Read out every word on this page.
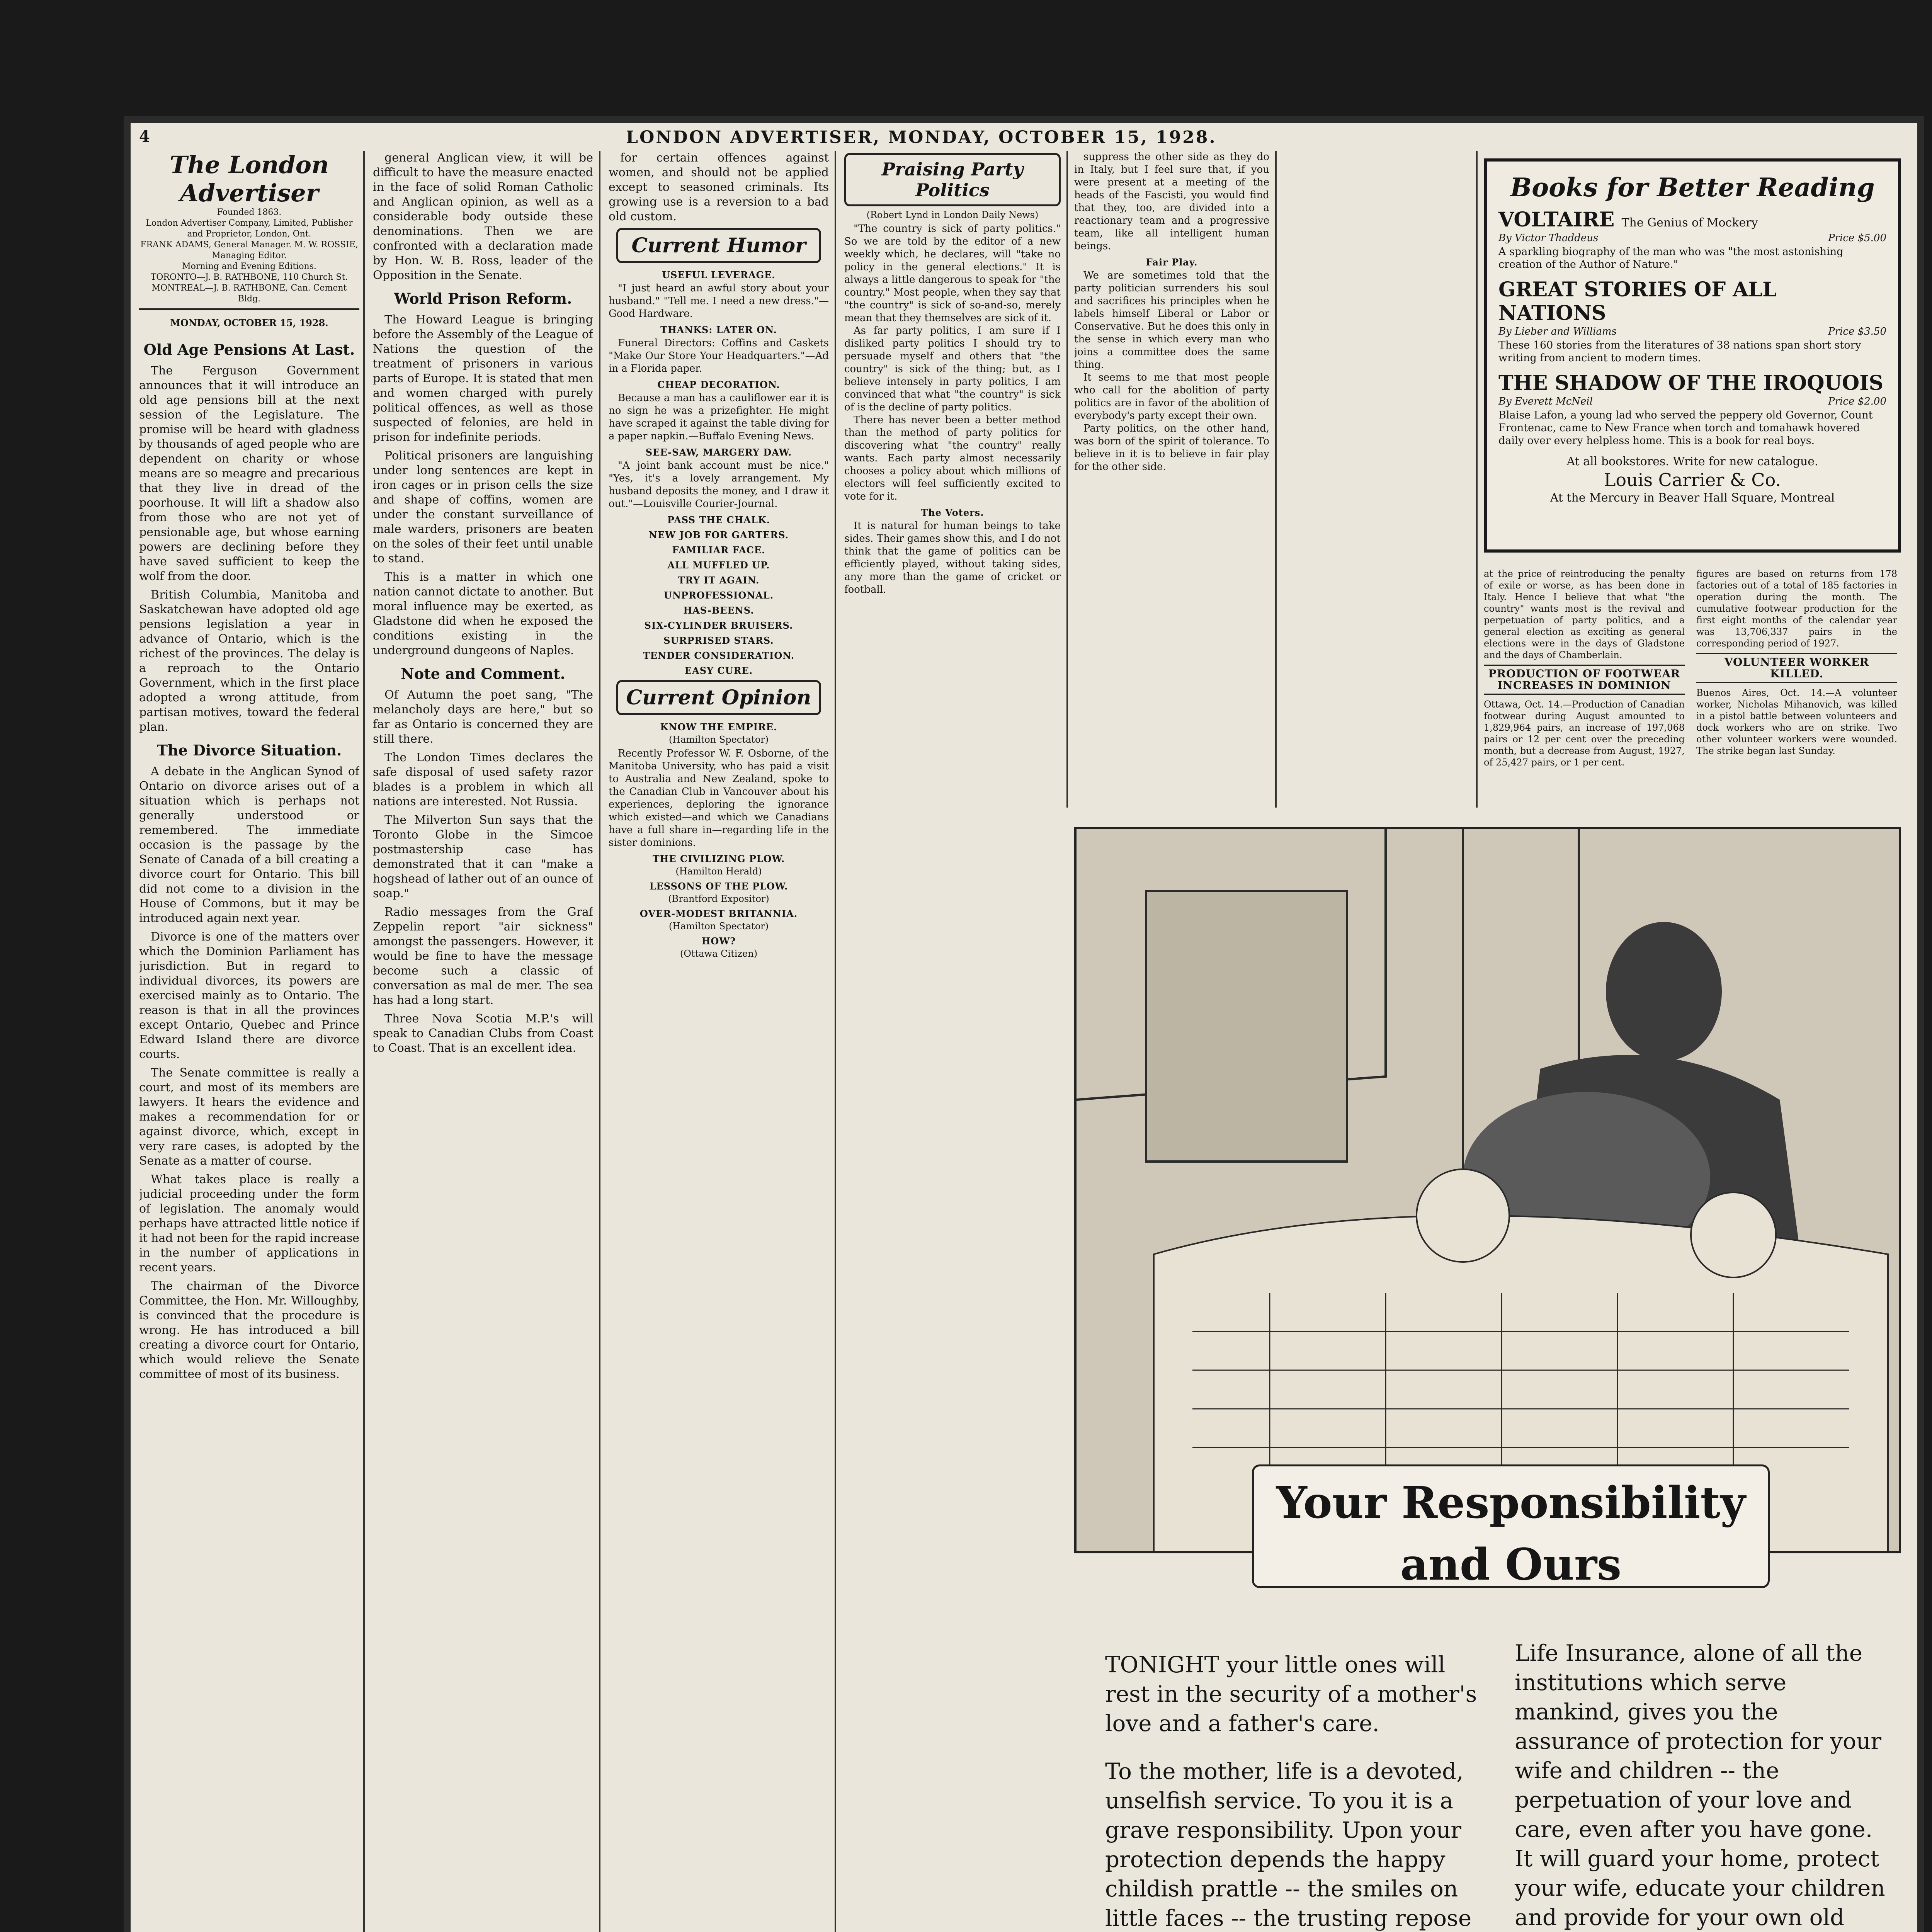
4	LONDON ADVERTISER, MONDAY, OCTOBER 15, 1928.
The London Advertiser
Founded 1863.
London Advertiser Company, Limited, Publisher and Proprietor, London, Ont.
FRANK ADAMS, General Manager. M. W. ROSSIE, Managing Editor.
Morning and Evening Editions.
TORONTO—J. B. RATHBONE, 110 Church St. MONTREAL—J. B. RATHBONE, Can. Cement Bldg.
MONDAY, OCTOBER 15, 1928.
Old Age Pensions At Last.

The Ferguson Government announces that it will introduce an old age pensions bill at the next session of the Legislature. The promise will be heard with gladness by thousands of aged people who are dependent on charity or whose means are so meagre and precarious that they live in dread of the poorhouse. It will lift a shadow also from those who are not yet of pensionable age, but whose earning powers are declining before they have saved sufficient to keep the wolf from the door.

British Columbia, Manitoba and Saskatchewan have adopted old age pensions legislation a year in advance of Ontario, which is the richest of the provinces. The delay is a reproach to the Ontario Government, which in the first place adopted a wrong attitude, from partisan motives, toward the federal plan.

The Divorce Situation.

A debate in the Anglican Synod of Ontario on divorce arises out of a situation which is perhaps not generally understood or remembered. The immediate occasion is the passage by the Senate of Canada of a bill creating a divorce court for Ontario. This bill did not come to a division in the House of Commons, but it may be introduced again next year.

Divorce is one of the matters over which the Dominion Parliament has jurisdiction. But in regard to individual divorces, its powers are exercised mainly as to Ontario. The reason is that in all the provinces except Ontario, Quebec and Prince Edward Island there are divorce courts.

The Senate committee is really a court, and most of its members are lawyers. It hears the evidence and makes a recommendation for or against divorce, which, except in very rare cases, is adopted by the Senate as a matter of course.

What takes place is really a judicial proceeding under the form of legislation. The anomaly would perhaps have attracted little notice if it had not been for the rapid increase in the number of applications in recent years.

The chairman of the Divorce Committee, the Hon. Mr. Willoughby, is convinced that the procedure is wrong. He has introduced a bill creating a divorce court for Ontario, which would relieve the Senate committee of most of its business.

general Anglican view, it will be difficult to have the measure enacted in the face of solid Roman Catholic and Anglican opinion, as well as a considerable body outside these denominations. Then we are confronted with a declaration made by Hon. W. B. Ross, leader of the Opposition in the Senate.

World Prison Reform.

The Howard League is bringing before the Assembly of the League of Nations the question of the treatment of prisoners in various parts of Europe. It is stated that men and women charged with purely political offences, as well as those suspected of felonies, are held in prison for indefinite periods.

Political prisoners are languishing under long sentences are kept in iron cages or in prison cells the size and shape of coffins, women are under the constant surveillance of male warders, prisoners are beaten on the soles of their feet until unable to stand.

This is a matter in which one nation cannot dictate to another. But moral influence may be exerted, as Gladstone did when he exposed the conditions existing in the underground dungeons of Naples.

Note and Comment.

Of Autumn the poet sang, "The melancholy days are here," but so far as Ontario is concerned they are still there.

The London Times declares the safe disposal of used safety razor blades is a problem in which all nations are interested. Not Russia.

The Milverton Sun says that the Toronto Globe in the Simcoe postmastership case has demonstrated that it can "make a hogshead of lather out of an ounce of soap."

Radio messages from the Graf Zeppelin report "air sickness" amongst the passengers. However, it would be fine to have the message become such a classic of conversation as mal de mer. The sea has had a long start.

Three Nova Scotia M.P.'s will speak to Canadian Clubs from Coast to Coast. That is an excellent idea.

for certain offences against women, and should not be applied except to seasoned criminals. Its growing use is a reversion to a bad old custom.

Current Humor
USEFUL LEVERAGE.
"I just heard an awful story about your husband." "Tell me. I need a new dress."—Good Hardware.
THANKS: LATER ON.
Funeral Directors: Coffins and Caskets "Make Our Store Your Headquarters."—Ad in a Florida paper.
CHEAP DECORATION.
Because a man has a cauliflower ear it is no sign he was a prizefighter. He might have scraped it against the table diving for a paper napkin.—Buffalo Evening News.
SEE-SAW, MARGERY DAW.
"A joint bank account must be nice." "Yes, it's a lovely arrangement. My husband deposits the money, and I draw it out."—Louisville Courier-Journal.
PASS THE CHALK.
NEW JOB FOR GARTERS.
FAMILIAR FACE.
ALL MUFFLED UP.
TRY IT AGAIN.
UNPROFESSIONAL.
HAS-BEENS.
SIX-CYLINDER BRUISERS.
SURPRISED STARS.
TENDER CONSIDERATION.
EASY CURE.
Current Opinion
KNOW THE EMPIRE.
(Hamilton Spectator)
Recently Professor W. F. Osborne, of the Manitoba University, who has paid a visit to Australia and New Zealand, spoke to the Canadian Club in Vancouver about his experiences, deploring the ignorance which existed—and which we Canadians have a full share in—regarding life in the sister dominions.
THE CIVILIZING PLOW.
(Hamilton Herald)
LESSONS OF THE PLOW.
(Brantford Expositor)
OVER-MODEST BRITANNIA.
(Hamilton Spectator)
HOW?
(Ottawa Citizen)
Praising Party Politics
(Robert Lynd in London Daily News)
"The country is sick of party politics." So we are told by the editor of a new weekly which, he declares, will "take no policy in the general elections." It is always a little dangerous to speak for "the country." Most people, when they say that "the country" is sick of so-and-so, merely mean that they themselves are sick of it.
As far party politics, I am sure if I disliked party politics I should try to persuade myself and others that "the country" is sick of the thing; but, as I believe intensely in party politics, I am convinced that what "the country" is sick of is the decline of party politics.
There has never been a better method than the method of party politics for discovering what "the country" really wants. Each party almost necessarily chooses a policy about which millions of electors will feel sufficiently excited to vote for it.
The Voters.
It is natural for human beings to take sides. Their games show this, and I do not think that the game of politics can be efficiently played, without taking sides, any more than the game of cricket or football.
suppress the other side as they do in Italy, but I feel sure that, if you were present at a meeting of the heads of the Fascisti, you would find that they, too, are divided into a reactionary team and a progressive team, like all intelligent human beings.
Fair Play.
We are sometimes told that the party politician surrenders his soul and sacrifices his principles when he labels himself Liberal or Labor or Conservative. But he does this only in the sense in which every man who joins a committee does the same thing.
It seems to me that most people who call for the abolition of party politics are in favor of the abolition of everybody's party except their own.
Party politics, on the other hand, was born of the spirit of tolerance. To believe in it is to believe in fair play for the other side.
Books for Better Reading
VOLTAIRE The Genius of Mockery
By Victor Thaddeus	Price $5.00
A sparkling biography of the man who was "the most astonishing creation of the Author of Nature."
GREAT STORIES OF ALL NATIONS
By Lieber and Williams	Price $3.50
These 160 stories from the literatures of 38 nations span short story writing from ancient to modern times.
THE SHADOW OF THE IROQUOIS
By Everett McNeil	Price $2.00
Blaise Lafon, a young lad who served the peppery old Governor, Count Frontenac, came to New France when torch and tomahawk hovered daily over every helpless home. This is a book for real boys.
At all bookstores. Write for new catalogue.
Louis Carrier & Co.
At the Mercury in Beaver Hall Square, Montreal
at the price of reintroducing the penalty of exile or worse, as has been done in Italy. Hence I believe that what "the country" wants most is the revival and perpetuation of party politics, and a general election as exciting as general elections were in the days of Gladstone and the days of Chamberlain.
PRODUCTION OF FOOTWEAR INCREASES IN DOMINION
Ottawa, Oct. 14.—Production of Canadian footwear during August amounted to 1,829,964 pairs, an increase of 197,068 pairs or 12 per cent over the preceding month, but a decrease from August, 1927, of 25,427 pairs, or 1 per cent.
figures are based on returns from 178 factories out of a total of 185 factories in operation during the month. The cumulative footwear production for the first eight months of the calendar year was 13,706,337 pairs in the corresponding period of 1927.
VOLUNTEER WORKER KILLED.
Buenos Aires, Oct. 14.—A volunteer worker, Nicholas Mihanovich, was killed in a pistol battle between volunteers and dock workers who are on strike. Two other volunteer workers were wounded. The strike began last Sunday.
Your Responsibility
and Ours

TONIGHT your little ones will rest in the security of a mother's love and a father's care.

To the mother, life is a devoted, unselfish service. To you it is a grave responsibility. Upon your protection depends the happy childish prattle -- the smiles on little faces -- the trusting repose

Life Insurance, alone of all the institutions which serve mankind, gives you the assurance of protection for your wife and children -- the perpetuation of your love and care, even after you have gone. It will guard your home, protect your wife, educate your children and provide for your own old
